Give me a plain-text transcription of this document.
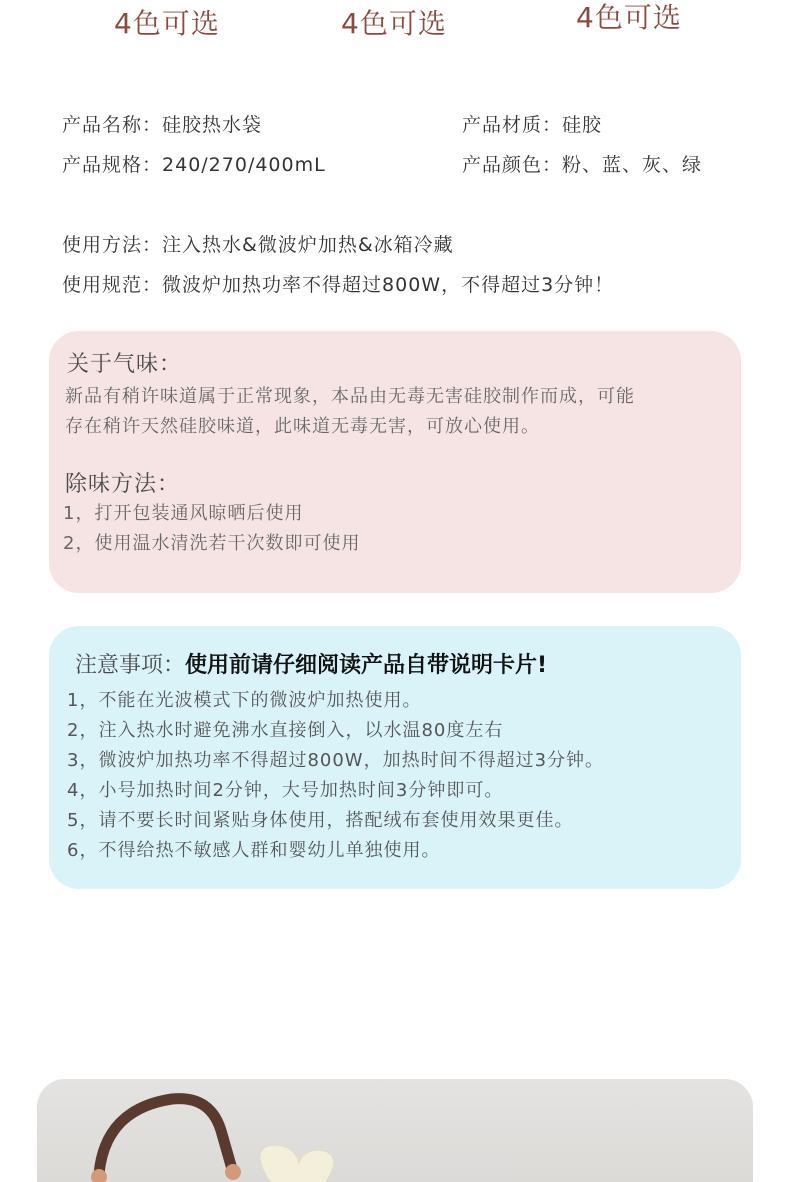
4色可选	4色可选	4色可选
产品名称：硅胶热水袋	产品材质：硅胶
产品规格：240/270/400mL	产品颜色：粉、蓝、灰、绿
使用方法：注入热水&微波炉加热&冰箱冷藏
使用规范：微波炉加热功率不得超过800W，不得超过3分钟！
关于气味：
新品有稍许味道属于正常现象，本品由无毒无害硅胶制作而成，可能
存在稍许天然硅胶味道，此味道无毒无害，可放心使用。
除味方法：
1，打开包装通风晾晒后使用
2，使用温水清洗若干次数即可使用
注意事项：使用前请仔细阅读产品自带说明卡片!
1，不能在光波模式下的微波炉加热使用。
2，注入热水时避免沸水直接倒入，以水温80度左右
3，微波炉加热功率不得超过800W，加热时间不得超过3分钟。
4，小号加热时间2分钟，大号加热时间3分钟即可。
5，请不要长时间紧贴身体使用，搭配绒布套使用效果更佳。
6，不得给热不敏感人群和婴幼儿单独使用。
